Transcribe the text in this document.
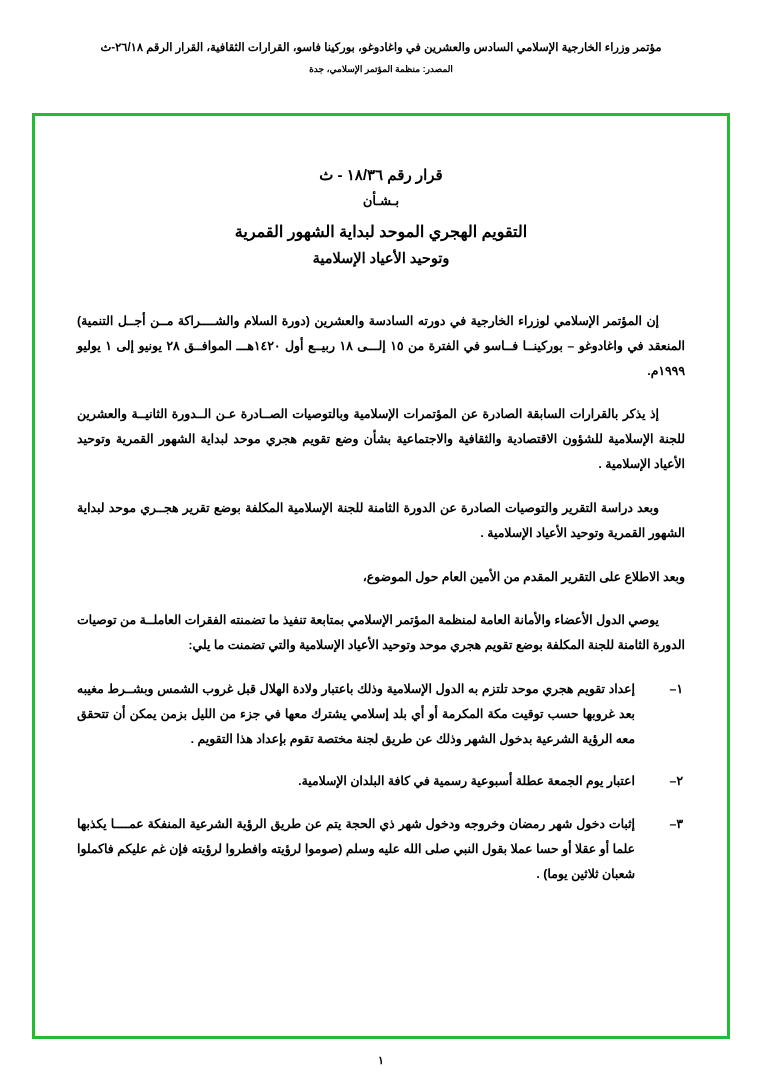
مؤتمر وزراء الخارجية الإسلامي السادس والعشرين في واغادوغو، بوركينا فاسو، القرارات الثقافية، القرار الرقم ٢٦/١٨-ث
المصدر: منظمة المؤتمر الإسلامي، جدة
قرار رقم ١٨/٣٦ - ث
بـشـأن
التقويم الهجري الموحد لبداية الشهور القمرية
وتوحيد الأعياد الإسلامية

إن المؤتمر الإسلامي لوزراء الخارجية في دورته السادسة والعشرين (دورة السلام والشــــراكة مــن أجــل التنمية) المنعقد في واغادوغو – بوركينــا فــاسو في الفترة من ١٥ إلـــى ١٨ ربيــع أول ١٤٢٠هـــ الموافــق ٢٨ يونيو إلى ١ يوليو ١٩٩٩م.

إذ يذكر بالقرارات السابقة الصادرة عن المؤتمرات الإسلامية وبالتوصيات الصــادرة عـن الــدورة الثانيــة والعشرين للجنة الإسلامية للشؤون الاقتصادية والثقافية والاجتماعية بشأن وضع تقويم هجري موحد لبداية الشهور القمرية وتوحيد الأعياد الإسلامية .

وبعد دراسة التقرير والتوصيات الصادرة عن الدورة الثامنة للجنة الإسلامية المكلفة بوضع تقرير هجــري موحد لبداية الشهور القمرية وتوحيد الأعياد الإسلامية .

وبعد الاطلاع على التقرير المقدم من الأمين العام حول الموضوع،

يوصي الدول الأعضاء والأمانة العامة لمنظمة المؤتمر الإسلامي بمتابعة تنفيذ ما تضمنته الفقرات العاملــة من توصيات الدورة الثامنة للجنة المكلفة بوضع تقويم هجري موحد وتوحيد الأعياد الإسلامية والتي تضمنت ما يلي:

١–
إعداد تقويم هجري موحد تلتزم به الدول الإسلامية وذلك باعتبار ولادة الهلال قبل غروب الشمس وبشــرط مغيبه بعد غروبها حسب توقيت مكة المكرمة أو أي بلد إسلامي يشترك معها في جزء من الليل بزمن يمكن أن تتحقق معه الرؤية الشرعية بدخول الشهر وذلك عن طريق لجنة مختصة تقوم بإعداد هذا التقويم .
٢–
اعتبار يوم الجمعة عطلة أسبوعية رسمية في كافة البلدان الإسلامية.
٣–
إثبات دخول شهر رمضان وخروجه ودخول شهر ذي الحجة يتم عن طريق الرؤية الشرعية المنفكة عمــــا يكذبها علما أو عقلا أو حسا عملا بقول النبي صلى الله عليه وسلم (صوموا لرؤيته وافطروا لرؤيته فإن غم عليكم فاكملوا شعبان ثلاثين يوما) .
١
